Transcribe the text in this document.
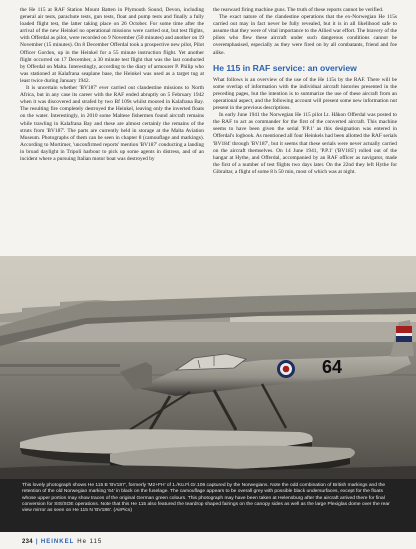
the He 115 at RAF Station Mount Batten in Plymouth Sound, Devon, including general air tests, parachute tests, gun tests, float and pump tests and finally a fully loaded flight test, the latter taking place on 26 October. For some time after the arrival of the new Heinkel no operational missions were carried out, but test flights, with Offerdal as pilot, were recorded on 9 November (50 minutes) and another on 19 November (15 minutes). On 8 December Offerdal took a prospective new pilot, Pilot Officer Gordon, up in the Heinkel for a 55 minute instruction flight. Yet another flight occurred on 17 December, a 30 minute test flight that was the last conducted by Offerdal on Malta. Interestingly, according to the diary of armourer P. Philip who was stationed at Kalafrana seaplane base, the Heinkel was used as a target tug at least twice during January 1942.

It is uncertain whether 'BV187' ever carried out clandestine missions to North Africa, but in any case its career with the RAF ended abruptly on 5 February 1942 when it was discovered and strafed by two Bf 109s whilst moored in Kalafrana Bay. The resulting fire completely destroyed the Heinkel, leaving only the inverted floats on the water. Interestingly, in 2010 some Maltese fishermen found aircraft remains while trawling in Kalafrana Bay and these are almost certainly the remains of the struts from 'BV187'. The parts are currently held in storage at the Malta Aviation Museum. Photographs of them can be seen in chapter 8 (camouflage and markings). According to Mortimer, 'unconfirmed reports' mention 'BV187' conducting a landing in broad daylight in Tripoli harbour to pick up some agents in distress, and of an incident where a pursuing Italian motor boat was destroyed by

the rearward firing machine guns. The truth of these reports cannot be verified.

The exact nature of the clandestine operations that the ex-Norwegian He 115s carried out may in fact never be fully revealed, but it is in all likelihood safe to assume that they were of vital importance to the Allied war effort. The bravery of the pilots who flew these aircraft under such dangerous conditions cannot be overemphasised, especially as they were fired on by all combatants, friend and foe alike.

He 115 in RAF service: an overview

What follows is an overview of the use of the He 115s by the RAF. There will be some overlap of information with the individual aircraft histories presented in the preceding pages, but the intention is to summarize the use of these aircraft from an operational aspect, and the following account will present some new information not present in the previous descriptions.

In early June 1941 the Norwegian He 115 pilot Lt. Håkon Offerdal was posted to the RAF to act as commander for the first of the converted aircraft. This machine seems to have been given the serial 'P.P.1' as this designation was entered in Offerdal's logbook. As mentioned all four Heinkels had been allotted the RAF serials 'BV184' through 'BV187', but it seems that these serials were never actually carried on the aircraft themselves. On 14 June 1941, 'P.P.1' ('BV185') rolled out of the hangar at Hythe, and Offerdal, accompanied by an RAF officer as navigator, made the first of a number of test flights two days later. On the 22nd they left Hythe for Gibraltar, a flight of some 8 h 50 min, most of which was at night.

64
This lovely photograph shows He 115 B 'BV187', formerly 'M2+FH' of 1./Kü.Fl.Gr.106 captured by the Norwegians. Note the odd combination of British markings and the retention of the old Norwegian marking '64' in black on the fuselage. The camouflage appears to be overall grey with possible black undersurfaces, except for the floats whose upper portion may show traces of the original German green colours. This photograph may have been taken at Helensburg after the aircraft arrived there for final conversion for SIS/SOE operations. Note that this He 115 also featured the teardrop shaped fairings on the canopy sides as well as the large Plexiglas dome over the rear view mirror as seen on He 115 N 'BV186'. (AirPics)
234 | HEINKEL He 115
